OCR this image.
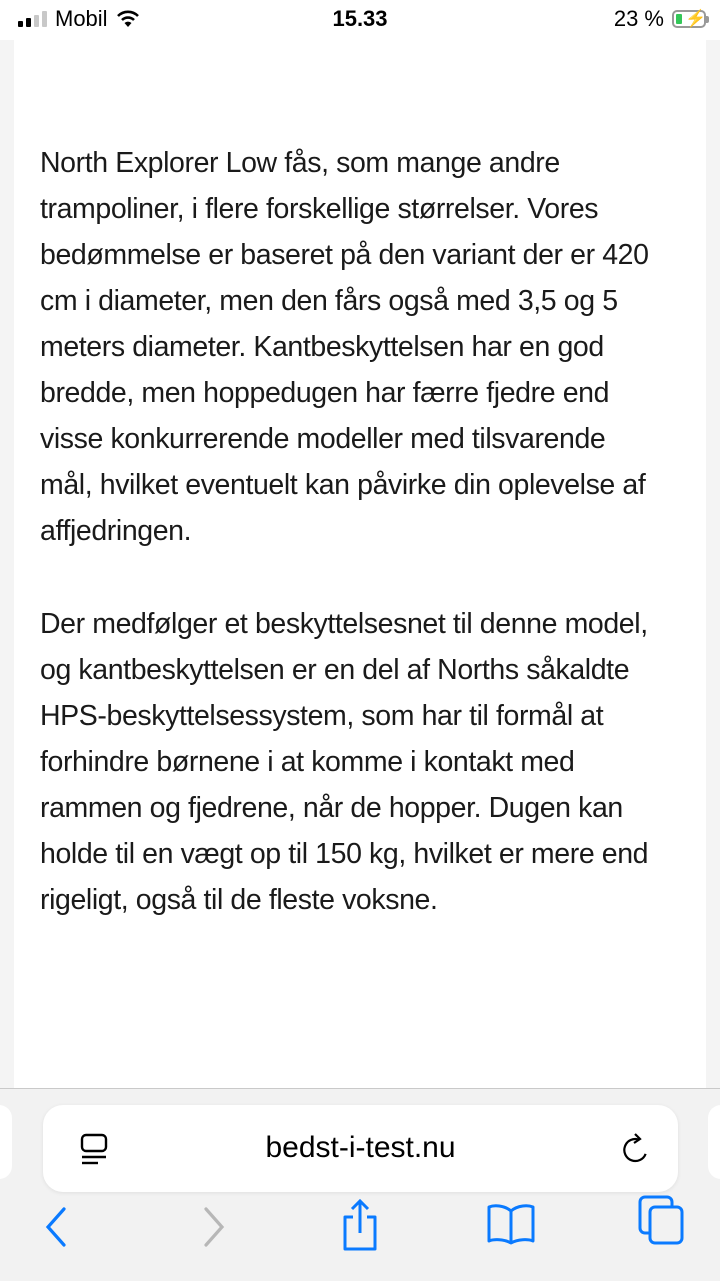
Mobil	15.33	23 % ⚡

North Explorer Low fås, som mange andre trampoliner, i flere forskellige størrelser. Vores bedømmelse er baseret på den variant der er 420 cm i diameter, men den fårs også med 3,5 og 5 meters diameter. Kantbeskyttelsen har en god bredde, men hoppedugen har færre fjedre end visse konkurrerende modeller med tilsvarende mål, hvilket eventuelt kan påvirke din oplevelse af affjedringen.

Der medfølger et beskyttelsesnet til denne model, og kantbeskyttelsen er en del af Norths såkaldte HPS-beskyttelsessystem, som har til formål at forhindre børnene i at komme i kontakt med rammen og fjedrene, når de hopper. Dugen kan holde til en vægt op til 150 kg, hvilket er mere end rigeligt, også til de fleste voksne.

bedst-i-test.nu
